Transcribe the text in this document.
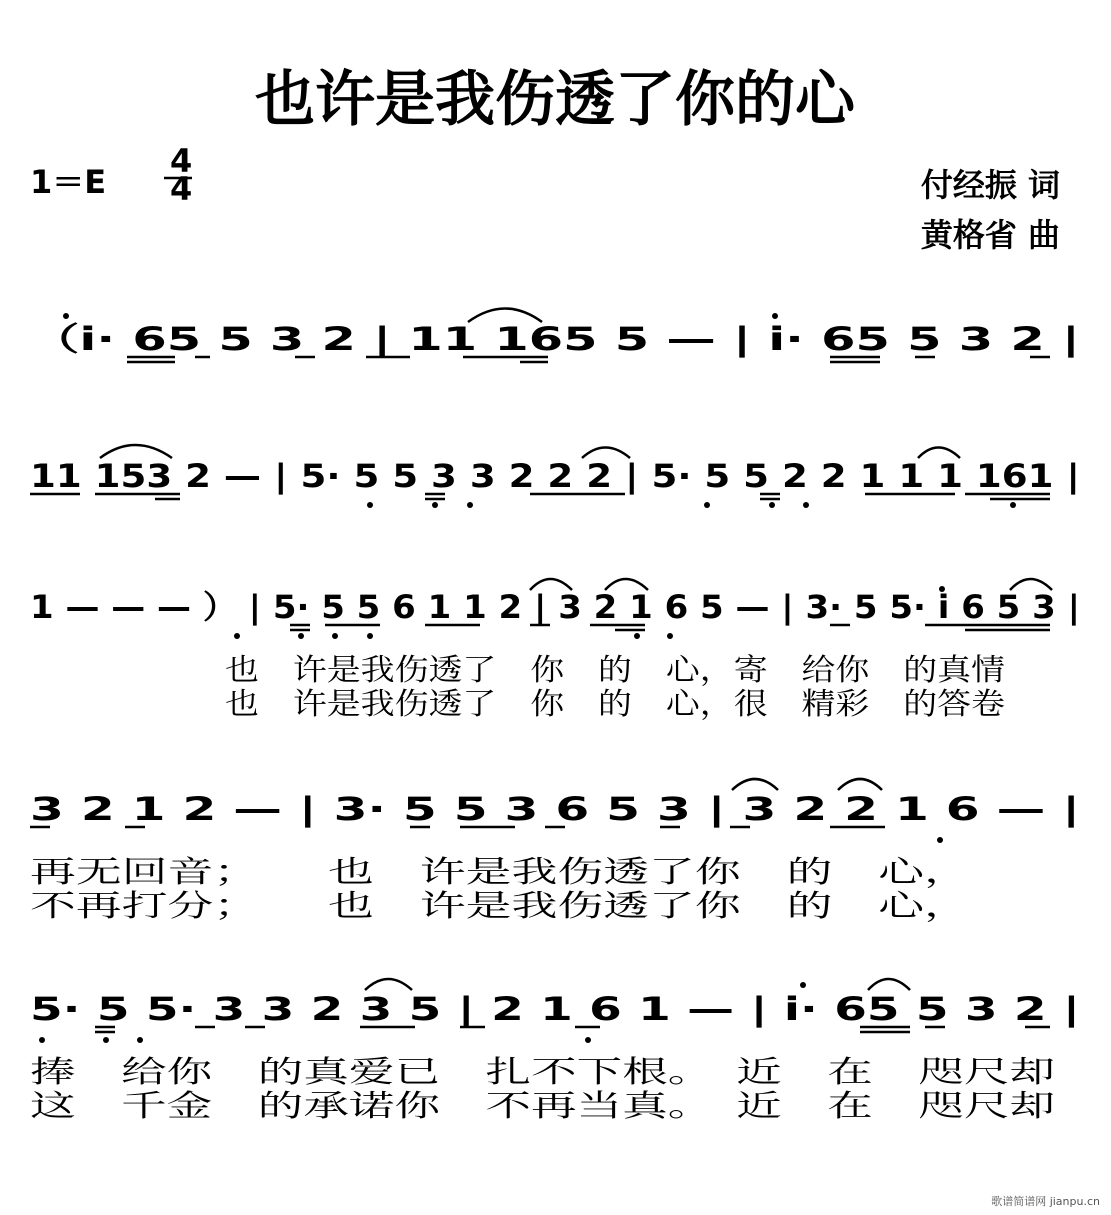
也许是我伤透了你的心
1＝E
4
4	付经振 词
黄格省 曲
（i· 65 5 3 2 | 11 165 5 — | i· 65 5 3 2 |
11 153 2 — | 5· 5 5 3 3 2 2 2 | 5· 5 5 2 2 1 1 1 161 |
1 — — — ） | 5· 5 5 6 1 1 2 | 3 2 1 6 5 — | 3· 5 5· i 6 5 3 |
也　许是我伤透了　你　的　心，寄　给你　的真情
也　许是我伤透了　你　的　心，很　精彩　的答卷
3 2 1 2 — | 3· 5 5 3 6 5 3 | 3 2 2 1 6 — |
再无回音；　　也　许是我伤透了你　的　心，
不再打分；　　也　许是我伤透了你　的　心，
5· 5 5· 3 3 2 3 5 | 2 1 6 1 — | i· 65 5 3 2 |
捧　给你　的真爱已　扎不下根。　近　在　咫尺却
这　千金　的承诺你　不再当真。　近　在　咫尺却
歌谱简谱网 jianpu.cn
